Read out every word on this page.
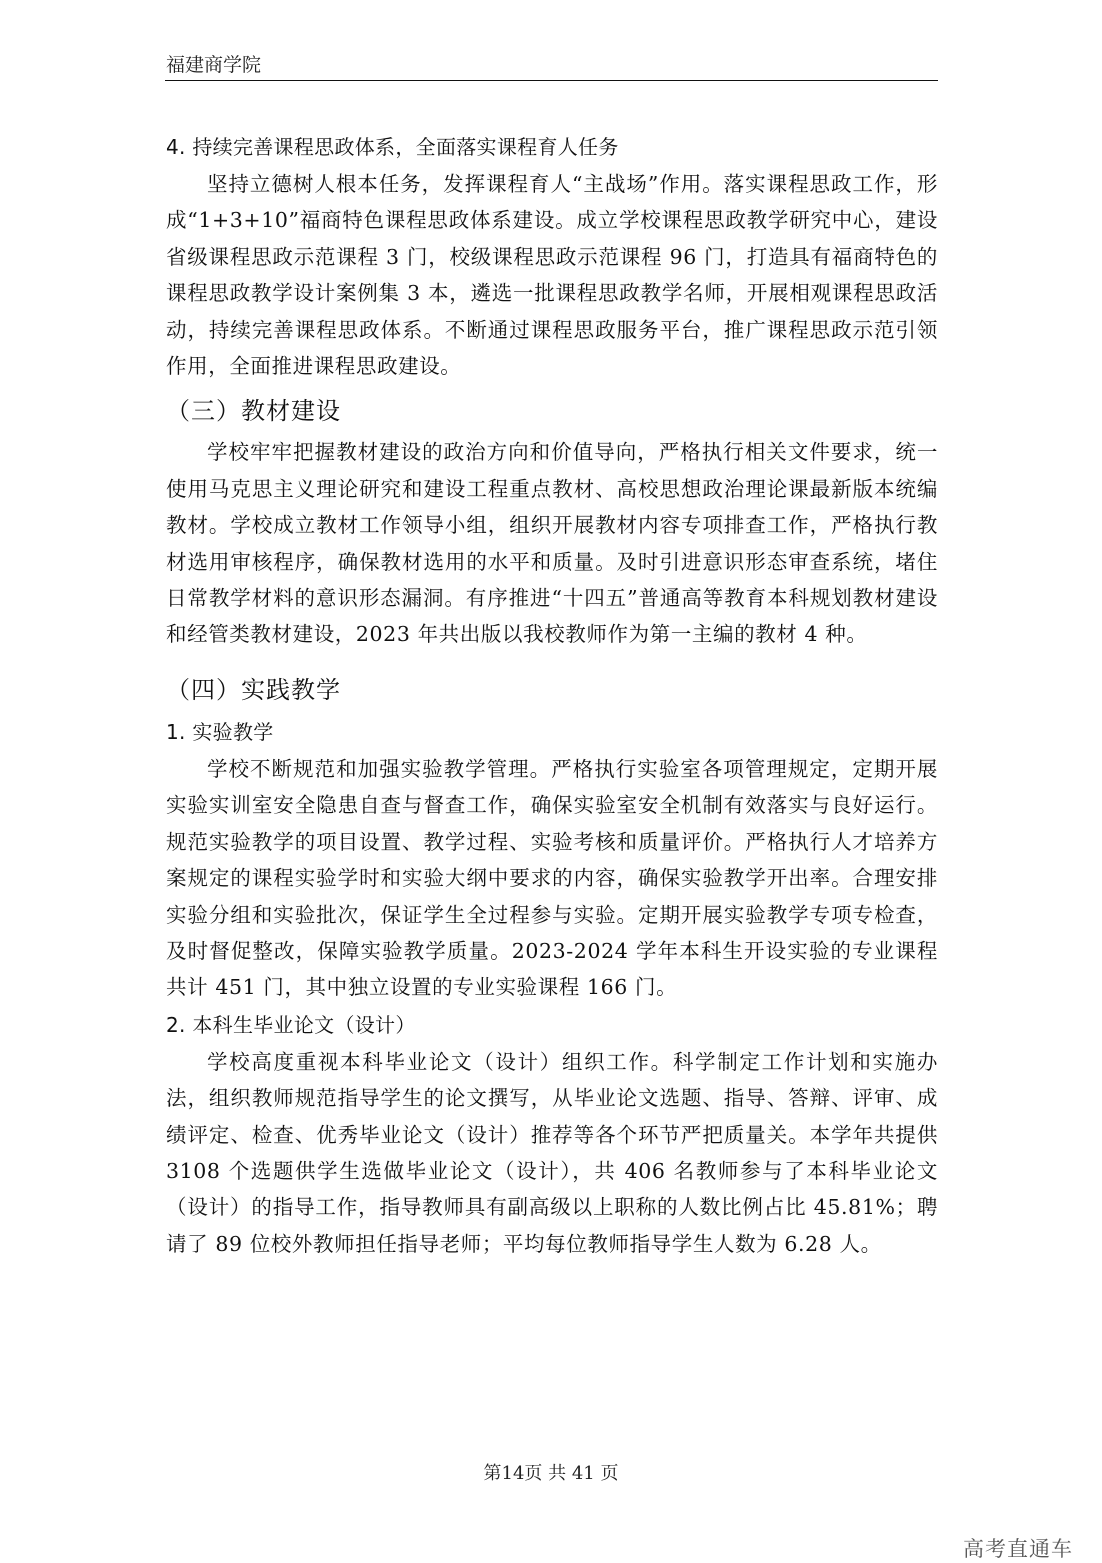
福建商学院
4. 持续完善课程思政体系，全面落实课程育人任务

坚持立德树人根本任务，发挥课程育人“主战场”作用。落实课程思政工作，形成“1+3+10”福商特色课程思政体系建设。成立学校课程思政教学研究中心，建设省级课程思政示范课程 3 门，校级课程思政示范课程 96 门，打造具有福商特色的课程思政教学设计案例集 3 本，遴选一批课程思政教学名师，开展相观课程思政活动，持续完善课程思政体系。不断通过课程思政服务平台，推广课程思政示范引领作用，全面推进课程思政建设。

（三）教材建设

学校牢牢把握教材建设的政治方向和价值导向，严格执行相关文件要求，统一使用马克思主义理论研究和建设工程重点教材、高校思想政治理论课最新版本统编教材。学校成立教材工作领导小组，组织开展教材内容专项排查工作，严格执行教材选用审核程序，确保教材选用的水平和质量。及时引进意识形态审查系统，堵住日常教学材料的意识形态漏洞。有序推进“十四五”普通高等教育本科规划教材建设和经管类教材建设，2023 年共出版以我校教师作为第一主编的教材 4 种。

（四）实践教学
1. 实验教学

学校不断规范和加强实验教学管理。严格执行实验室各项管理规定，定期开展实验实训室安全隐患自查与督查工作，确保实验室安全机制有效落实与良好运行。规范实验教学的项目设置、教学过程、实验考核和质量评价。严格执行人才培养方案规定的课程实验学时和实验大纲中要求的内容，确保实验教学开出率。合理安排实验分组和实验批次，保证学生全过程参与实验。定期开展实验教学专项专检查，及时督促整改，保障实验教学质量。2023-2024 学年本科生开设实验的专业课程共计 451 门，其中独立设置的专业实验课程 166 门。

2. 本科生毕业论文（设计）

学校高度重视本科毕业论文（设计）组织工作。科学制定工作计划和实施办法，组织教师规范指导学生的论文撰写，从毕业论文选题、指导、答辩、评审、成绩评定、检查、优秀毕业论文（设计）推荐等各个环节严把质量关。本学年共提供 3108 个选题供学生选做毕业论文（设计），共 406 名教师参与了本科毕业论文（设计）的指导工作，指导教师具有副高级以上职称的人数比例占比 45.81%；聘请了 89 位校外教师担任指导老师；平均每位教师指导学生人数为 6.28 人。

第14页 共 41 页
高考直通车
